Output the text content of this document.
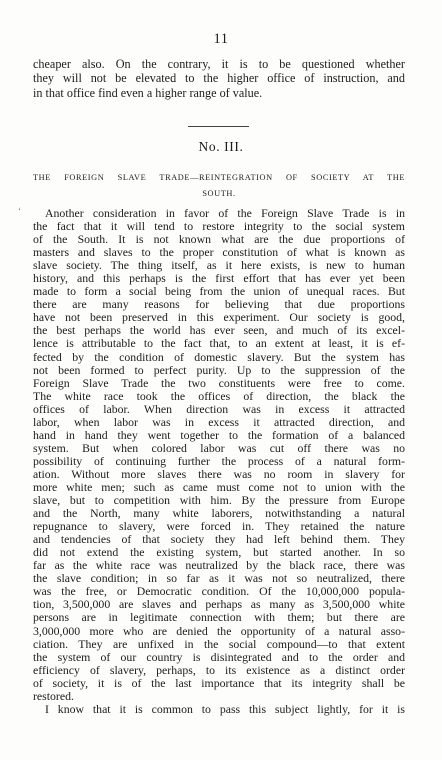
11
cheaper also. On the contrary, it is to be questioned whether
they will not be elevated to the higher office of instruction, and
in that office find even a higher range of value.
No. III.
THE FOREIGN SLAVE TRADE—REINTEGRATION OF SOCIETY AT THE
SOUTH.
‘	Another consideration in favor of the Foreign Slave Trade is in
the fact that it will tend to restore integrity to the social system
of the South. It is not known what are the due proportions of
masters and slaves to the proper constitution of what is known as
slave society. The thing itself, as it here exists, is new to human
history, and this perhaps is the first effort that has ever yet been
made to form a social being from the union of unequal races. But
there are many reasons for believing that due proportions
have not been preserved in this experiment. Our society is good,
the best perhaps the world has ever seen, and much of its excel-
lence is attributable to the fact that, to an extent at least, it is ef-
fected by the condition of domestic slavery. But the system has
not been formed to perfect purity. Up to the suppression of the
Foreign Slave Trade the two constituents were free to come.
The white race took the offices of direction, the black the
offices of labor. When direction was in excess it attracted
labor, when labor was in excess it attracted direction, and
hand in hand they went together to the formation of a balanced
system. But when colored labor was cut off there was no
possibility of continuing further the process of a natural form-
ation. Without more slaves there was no room in slavery for
more white men; such as came must come not to union with the
slave, but to competition with him. By the pressure from Europe
and the North, many white laborers, notwithstanding a natural
repugnance to slavery, were forced in. They retained the nature
and tendencies of that society they had left behind them. They
did not extend the existing system, but started another. In so
far as the white race was neutralized by the black race, there was
the slave condition; in so far as it was not so neutralized, there
was the free, or Democratic condition. Of the 10,000,000 popula-
tion, 3,500,000 are slaves and perhaps as many as 3,500,000 white
persons are in legitimate connection with them; but there are
3,000,000 more who are denied the opportunity of a natural asso-
ciation. They are unfixed in the social compound—to that extent
the system of our country is disintegrated and to the order and
efficiency of slavery, perhaps, to its existence as a distinct order
of society, it is of the last importance that its integrity shall be
restored.
I know that it is common to pass this subject lightly, for it is
